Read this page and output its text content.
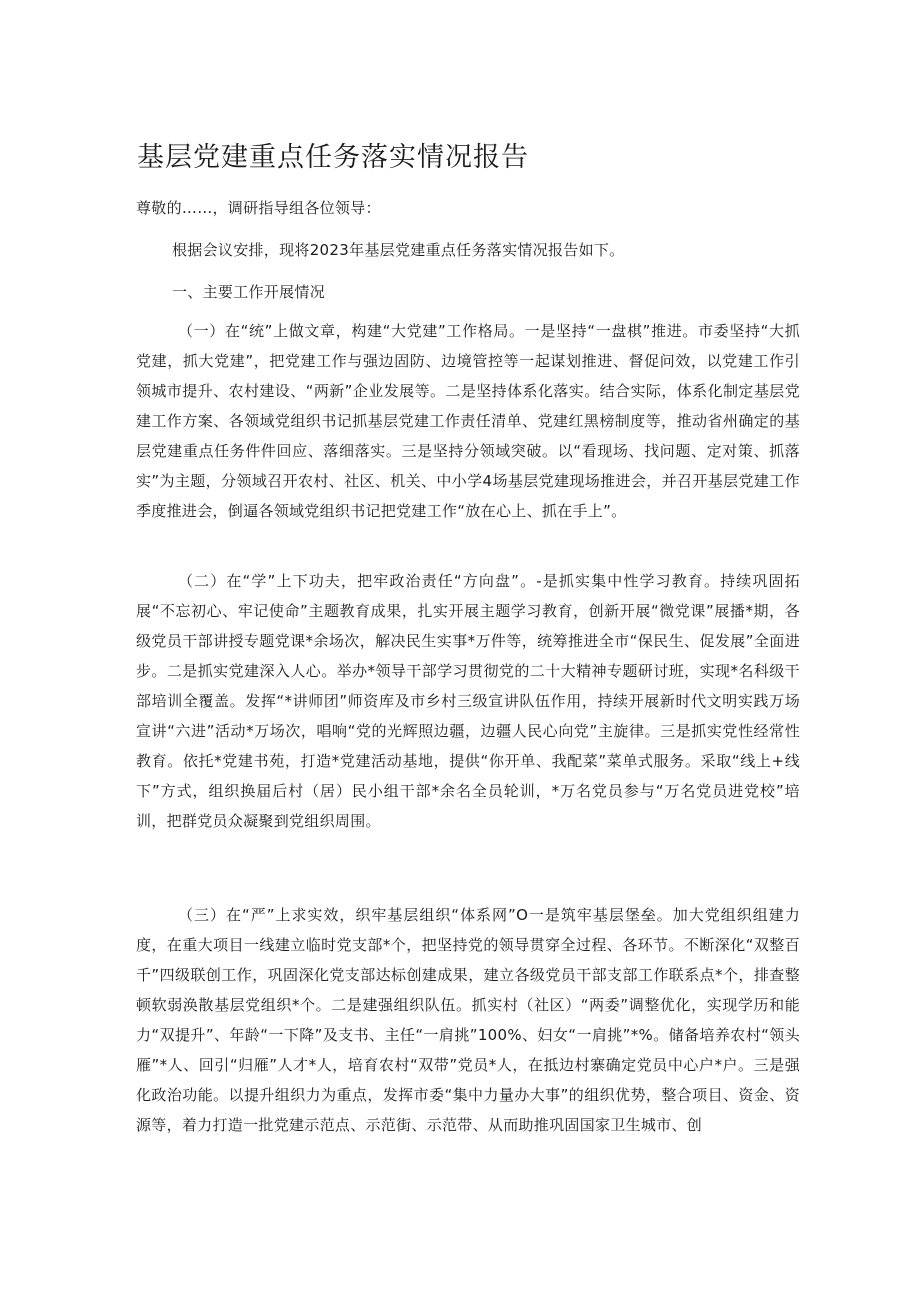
基层党建重点任务落实情况报告
尊敬的……，调研指导组各位领导：
根据会议安排，现将2023年基层党建重点任务落实情况报告如下。
一、主要工作开展情况
（一）在“统”上做文章，构建“大党建”工作格局。一是坚持“一盘棋”推进。市委坚持“大抓党建，抓大党建”，把党建工作与强边固防、边境管控等一起谋划推进、督促问效，以党建工作引领城市提升、农村建设、“两新”企业发展等。二是坚持体系化落实。结合实际，体系化制定基层党建工作方案、各领域党组织书记抓基层党建工作责任清单、党建红黑榜制度等，推动省州确定的基层党建重点任务件件回应、落细落实。三是坚持分领域突破。以“看现场、找问题、定对策、抓落实”为主题，分领域召开农村、社区、机关、中小学4场基层党建现场推进会，并召开基层党建工作季度推进会，倒逼各领域党组织书记把党建工作“放在心上、抓在手上”。
（二）在“学”上下功夫，把牢政治责任“方向盘”。-是抓实集中性学习教育。持续巩固拓展“不忘初心、牢记使命”主题教育成果，扎实开展主题学习教育，创新开展“微党课”展播*期，各级党员干部讲授专题党课*余场次，解决民生实事*万件等，统筹推进全市“保民生、促发展”全面进步。二是抓实党建深入人心。举办*领导干部学习贯彻党的二十大精神专题研讨班，实现*名科级干部培训全覆盖。发挥“*讲师团”师资库及市乡村三级宣讲队伍作用，持续开展新时代文明实践万场宣讲“六进”活动*万场次，唱响“党的光辉照边疆，边疆人民心向党”主旋律。三是抓实党性经常性教育。依托*党建书苑，打造*党建活动基地，提供“你开单、我配菜”菜单式服务。采取“线上+线下”方式，组织换届后村（居）民小组干部*余名全员轮训，*万名党员参与“万名党员进党校”培训，把群党员众凝聚到党组织周围。
（三）在“严”上求实效，织牢基层组织“体系网”O一是筑牢基层堡垒。加大党组织组建力度，在重大项目一线建立临时党支部*个，把坚持党的领导贯穿全过程、各环节。不断深化“双整百千”四级联创工作，巩固深化党支部达标创建成果，建立各级党员干部支部工作联系点*个，排查整顿软弱涣散基层党组织*个。二是建强组织队伍。抓实村（社区）“两委”调整优化，实现学历和能力“双提升”、年龄“一下降”及支书、主任“一肩挑”100%、妇女“一肩挑”*%。储备培养农村“领头雁”*人、回引“归雁”人才*人，培育农村“双带”党员*人，在抵边村寨确定党员中心户*户。三是强化政治功能。以提升组织力为重点，发挥市委“集中力量办大事”的组织优势，整合项目、资金、资源等，着力打造一批党建示范点、示范街、示范带、从而助推巩固国家卫生城市、创
